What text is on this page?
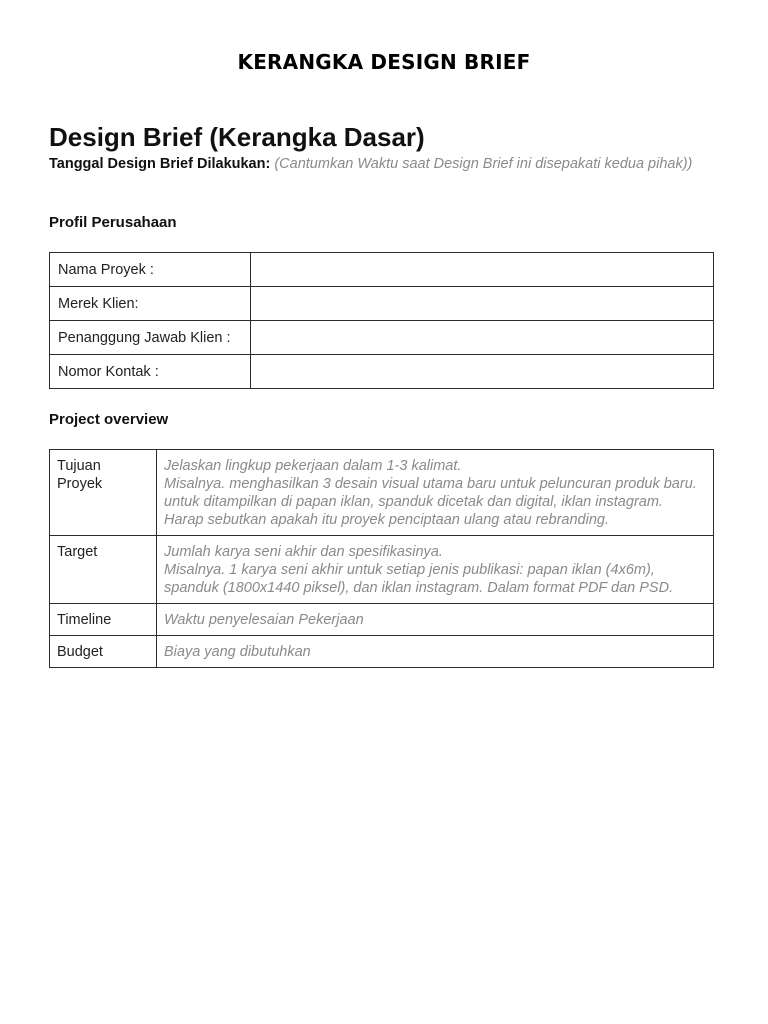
KERANGKA DESIGN BRIEF
Design Brief (Kerangka Dasar)
Tanggal Design Brief Dilakukan: (Cantumkan Waktu saat Design Brief ini disepakati kedua pihak))
Profil Perusahaan
Nama Proyek :	
Merek Klien:	
Penanggung Jawab Klien :	
Nomor Kontak :	
Project overview
Tujuan Proyek	Jelaskan lingkup pekerjaan dalam 1-3 kalimat.
Misalnya. menghasilkan 3 desain visual utama baru untuk peluncuran produk baru. untuk ditampilkan di papan iklan, spanduk dicetak dan digital, iklan instagram.
Harap sebutkan apakah itu proyek penciptaan ulang atau rebranding.

Target	Jumlah karya seni akhir dan spesifikasinya.
Misalnya. 1 karya seni akhir untuk setiap jenis publikasi: papan iklan (4x6m), spanduk (1800x1440 piksel), dan iklan instagram. Dalam format PDF dan PSD.

Timeline	Waktu penyelesaian Pekerjaan

Budget	Biaya yang dibutuhkan
